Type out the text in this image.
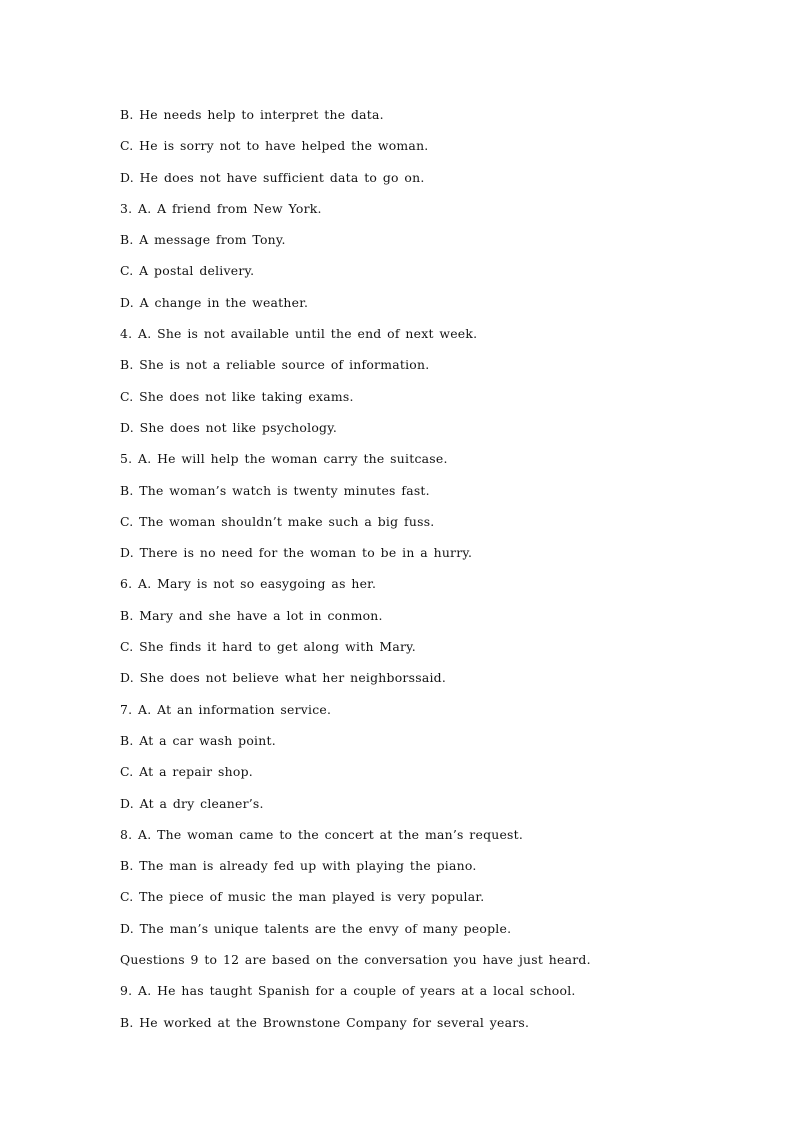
B. He needs help to interpret the data.
C. He is sorry not to have helped the woman.
D. He does not have sufficient data to go on.
3. A. A friend from New York.
B. A message from Tony.
C. A postal delivery.
D. A change in the weather.
4. A. She is not available until the end of next week.
B. She is not a reliable source of information.
C. She does not like taking exams.
D. She does not like psychology.
5. A. He will help the woman carry the suitcase.
B. The woman’s watch is twenty minutes fast.
C. The woman shouldn’t make such a big fuss.
D. There is no need for the woman to be in a hurry.
6. A. Mary is not so easygoing as her.
B. Mary and she have a lot in conmon.
C. She finds it hard to get along with Mary.
D. She does not believe what her neighborssaid.
7. A. At an information service.
B. At a car wash point.
C. At a repair shop.
D. At a dry cleaner’s.
8. A. The woman came to the concert at the man’s request.
B. The man is already fed up with playing the piano.
C. The piece of music the man played is very popular.
D. The man’s unique talents are the envy of many people.
Questions 9 to 12 are based on the conversation you have just heard.
9. A. He has taught Spanish for a couple of years at a local school.
B. He worked at the Brownstone Company for several years.
